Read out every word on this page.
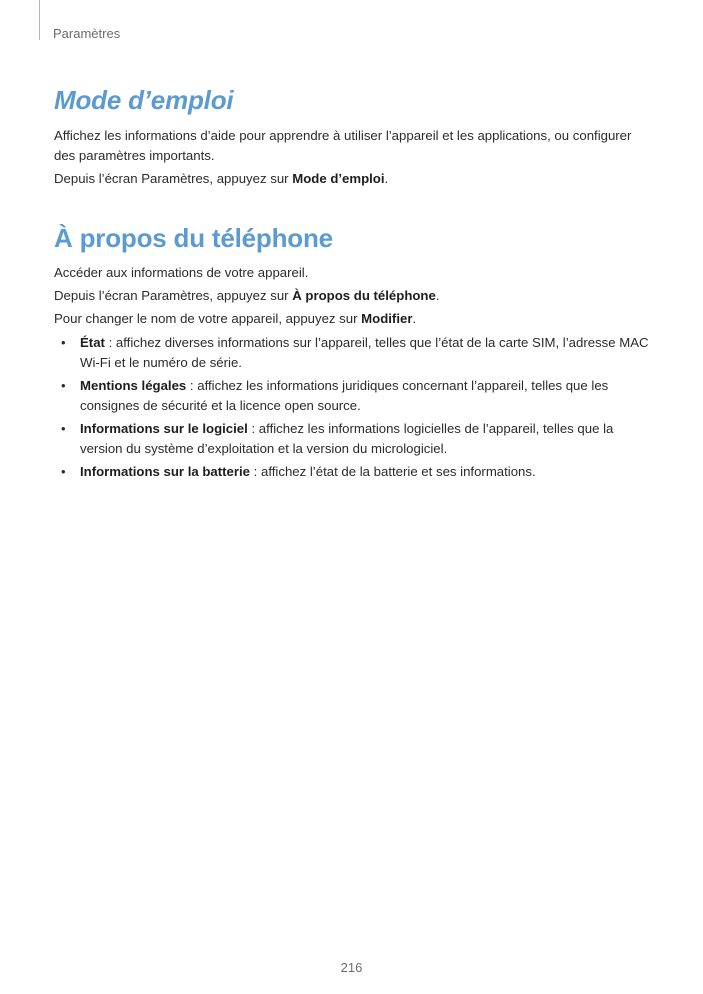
Paramètres
Mode d’emploi

Affichez les informations d’aide pour apprendre à utiliser l’appareil et les applications, ou configurer des paramètres importants.

Depuis l’écran Paramètres, appuyez sur Mode d’emploi.

À propos du téléphone

Accéder aux informations de votre appareil.

Depuis l’écran Paramètres, appuyez sur À propos du téléphone.

Pour changer le nom de votre appareil, appuyez sur Modifier.

• État : affichez diverses informations sur l’appareil, telles que l’état de la carte SIM, l’adresse MAC Wi-Fi et le numéro de série.
• Mentions légales : affichez les informations juridiques concernant l’appareil, telles que les consignes de sécurité et la licence open source.
• Informations sur le logiciel : affichez les informations logicielles de l’appareil, telles que la version du système d’exploitation et la version du micrologiciel.
• Informations sur la batterie : affichez l’état de la batterie et ses informations.
216
